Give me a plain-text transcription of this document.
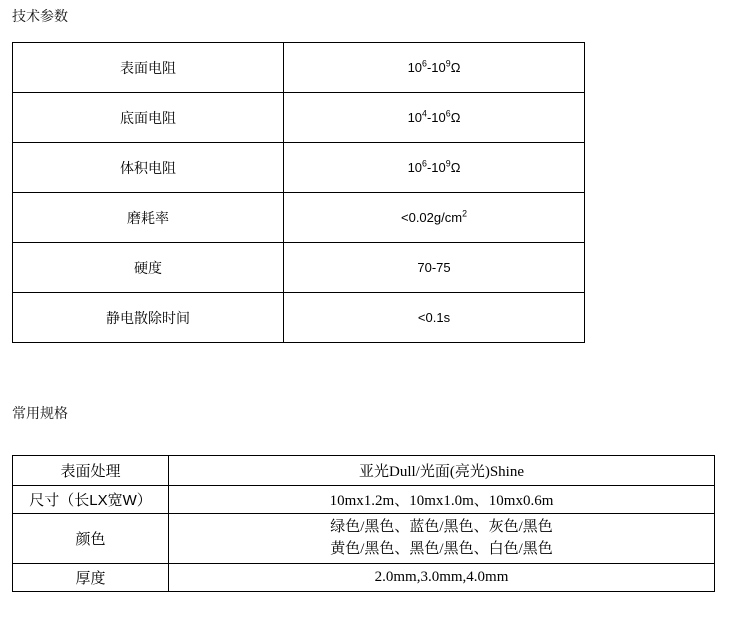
技术参数
表面电阻	$10^6-10^9\Omega$
底面电阻	$10^4-10^6\Omega$
体积电阻	$10^6-10^9\Omega$
磨耗率	$<0.02g/cm^2$
硬度	70-75
静电散除时间	<0.1s
常用规格
表面处理	亚光Dull/光面(亮光)Shine
尺寸（长LX宽W）	10mx1.2m、10mx1.0m、10mx0.6m
颜色	绿色/黑色、蓝色/黑色、灰色/黑色
黄色/黑色、黑色/黑色、白色/黑色

厚度	2.0mm,3.0mm,4.0mm
